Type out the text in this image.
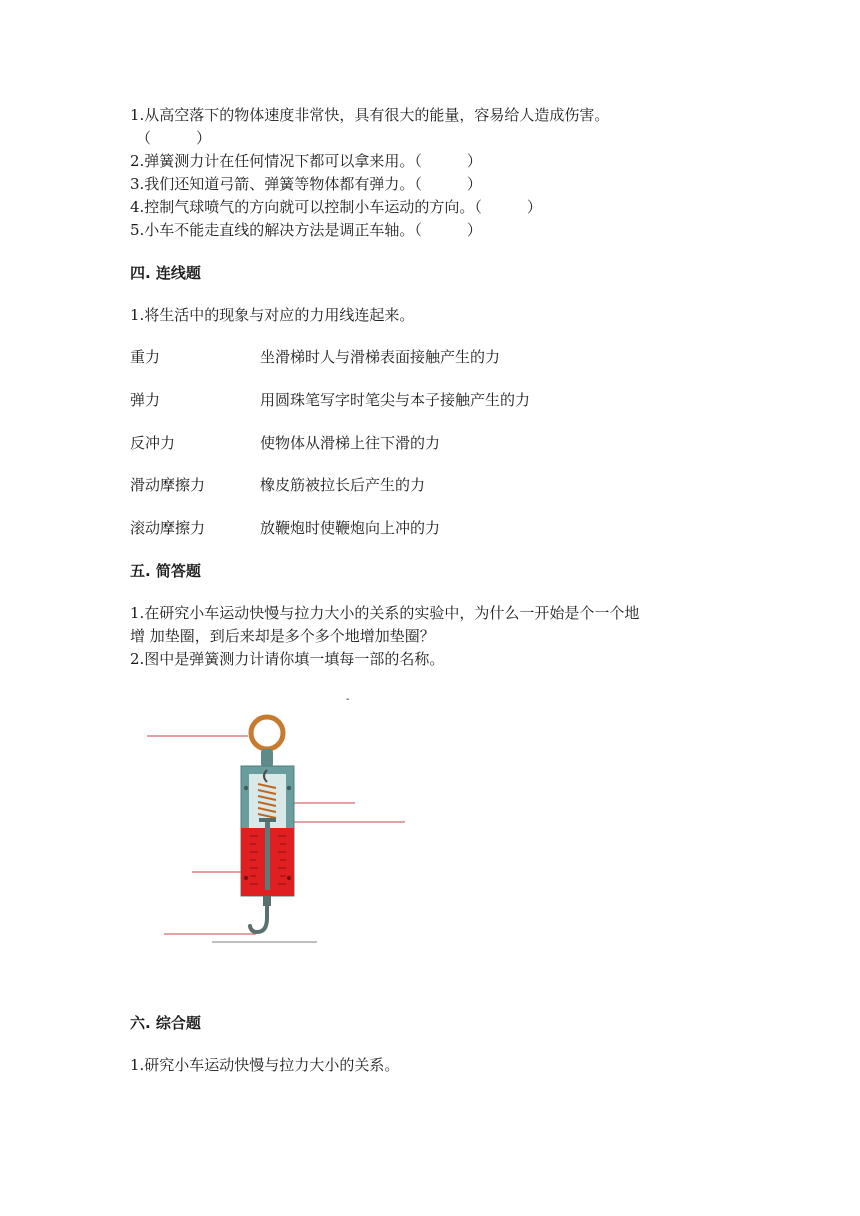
1.从高空落下的物体速度非常快，具有很大的能量，容易给人造成伤害。
（　　　）
2.弹簧测力计在任何情况下都可以拿来用。（　　　）
3.我们还知道弓箭、弹簧等物体都有弹力。（　　　）
4.控制气球喷气的方向就可以控制小车运动的方向。（　　　）
5.小车不能走直线的解决方法是调正车轴。（　　　）
四. 连线题
1.将生活中的现象与对应的力用线连起来。
重力	坐滑梯时人与滑梯表面接触产生的力
弹力	用圆珠笔写字时笔尖与本子接触产生的力
反冲力	使物体从滑梯上往下滑的力
滑动摩擦力	橡皮筋被拉长后产生的力
滚动摩擦力	放鞭炮时使鞭炮向上冲的力
五. 简答题
1.在研究小车运动快慢与拉力大小的关系的实验中，为什么一开始是个一个地
增 加垫圈，到后来却是多个多个地增加垫圈？
2.图中是弹簧测力计请你填一填每一部的名称。
-
六. 综合题
1.研究小车运动快慢与拉力大小的关系。
